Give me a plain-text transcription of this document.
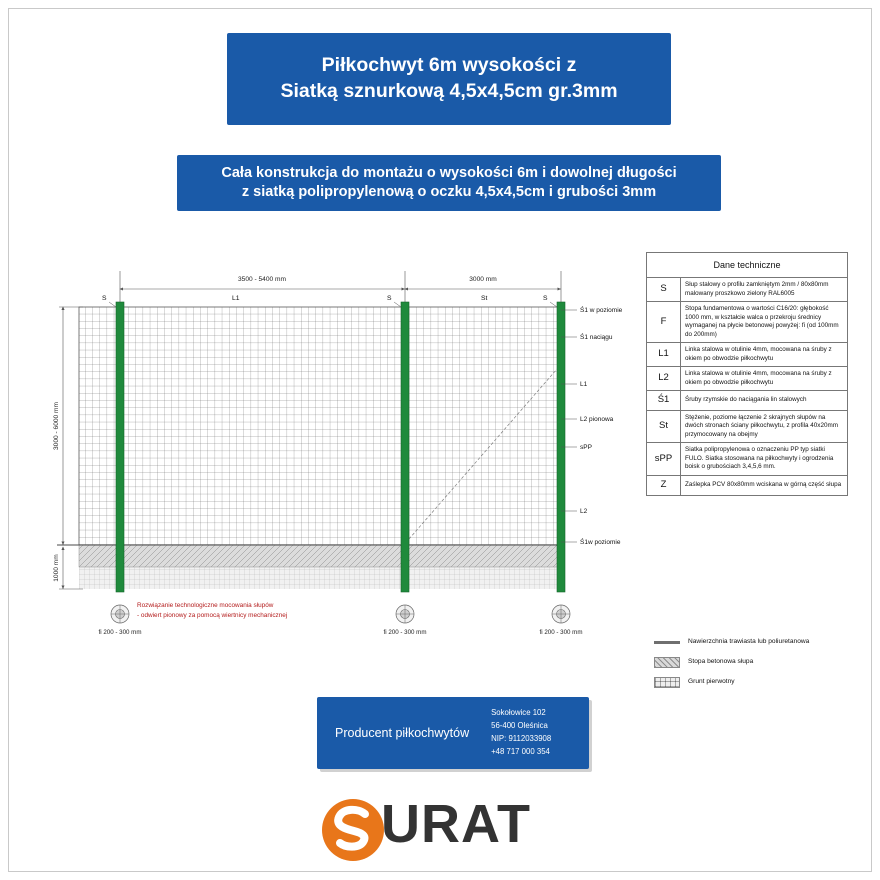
Piłkochwyt 6m wysokości z
Siatką sznurkową 4,5x4,5cm gr.3mm
Cała konstrukcja do montażu o wysokości 6m i dowolnej długości
z siatką polipropylenową o oczku 4,5x4,5cm i grubości 3mm
Dane techniczne	
S	Słup stalowy o profilu zamkniętym 2mm / 80x80mm malowany proszkowo zielony RAL6005
F	Stopa fundamentowa o wartości C16/20: głębokość 1000 mm, w kształcie walca o przekroju średnicy wymaganej na płycie betonowej powyżej: fi (od 100mm do 200mm)
L1	Linka stalowa w otulinie 4mm, mocowana na śruby z okiem po obwodzie piłkochwytu
L2	Linka stalowa w otulinie 4mm, mocowana na śruby z okiem po obwodzie piłkochwytu
Ś1	Śruby rzymskie do naciągania lin stalowych
St	Stężenie, poziome łączenie 2 skrajnych słupów na dwóch stronach ściany piłkochwytu, z profila 40x20mm przymocowany na obejmy
sPP	Siatka polipropylenowa o oznaczeniu PP typ siatki FULO. Siatka stosowana na piłkochwyty i ogrodzenia boisk o grubościach 3,4,5,6 mm.
Z	Zaślepka PCV 80x80mm wciskana w górną część słupa
3500 - 5400 mm	3000 mm
3000 - 6000 mm
1000 mm
S	L1	S	St	S
Ś1 w poziomie
Ś1 naciągu
L1
L2 pionowa
sPP
L2
Ś1w poziomie
Rozwiązanie technologiczne mocowania słupów
- odwiert pionowy za pomocą wiertnicy mechanicznej
fi 200 - 300 mm	fi 200 - 300 mm	fi 200 - 300 mm
Nawierzchnia trawiasta lub poliuretanowa
Stopa betonowa słupa
Grunt pierwotny
Producent piłkochwytów
Sokołowice 102
56-400 Oleśnica
NIP: 9112033908
+48 717 000 354
URAT
